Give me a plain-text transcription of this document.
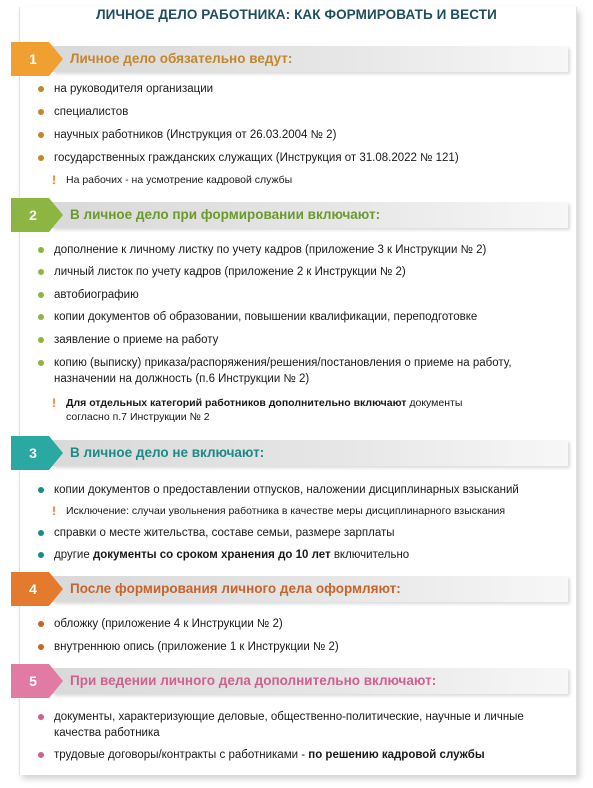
ЛИЧНОЕ ДЕЛО РАБОТНИКА: КАК ФОРМИРОВАТЬ И ВЕСТИ
1 Личное дело обязательно ведут:
на руководителя организации
специалистов
научных работников (Инструкция от 26.03.2004 № 2)
государственных гражданских служащих (Инструкция от 31.08.2022 № 121)
! На рабочих - на усмотрение кадровой службы
2 В личное дело при формировании включают:
дополнение к личному листку по учету кадров (приложение 3 к Инструкции № 2)
личный листок по учету кадров (приложение 2 к Инструкции № 2)
автобиографию
копии документов об образовании, повышении квалификации, переподготовке
заявление о приеме на работу
копию (выписку) приказа/распоряжения/решения/постановления о приеме на работу, назначении на должность (п.6 Инструкции № 2)
! Для отдельных категорий работников дополнительно включают документы согласно п.7 Инструкции № 2
3 В личное дело не включают:
копии документов о предоставлении отпусков, наложении дисциплинарных взысканий
! Исключение: случаи увольнения работника в качестве меры дисциплинарного взыскания
справки о месте жительства, составе семьи, размере зарплаты
другие документы со сроком хранения до 10 лет включительно
4 После формирования личного дела оформляют:
обложку (приложение 4 к Инструкции № 2)
внутреннюю опись (приложение 1 к Инструкции № 2)
5 При ведении личного дела дополнительно включают:
документы, характеризующие деловые, общественно-политические, научные и личные качества работника
трудовые договоры/контракты с работниками - по решению кадровой службы
